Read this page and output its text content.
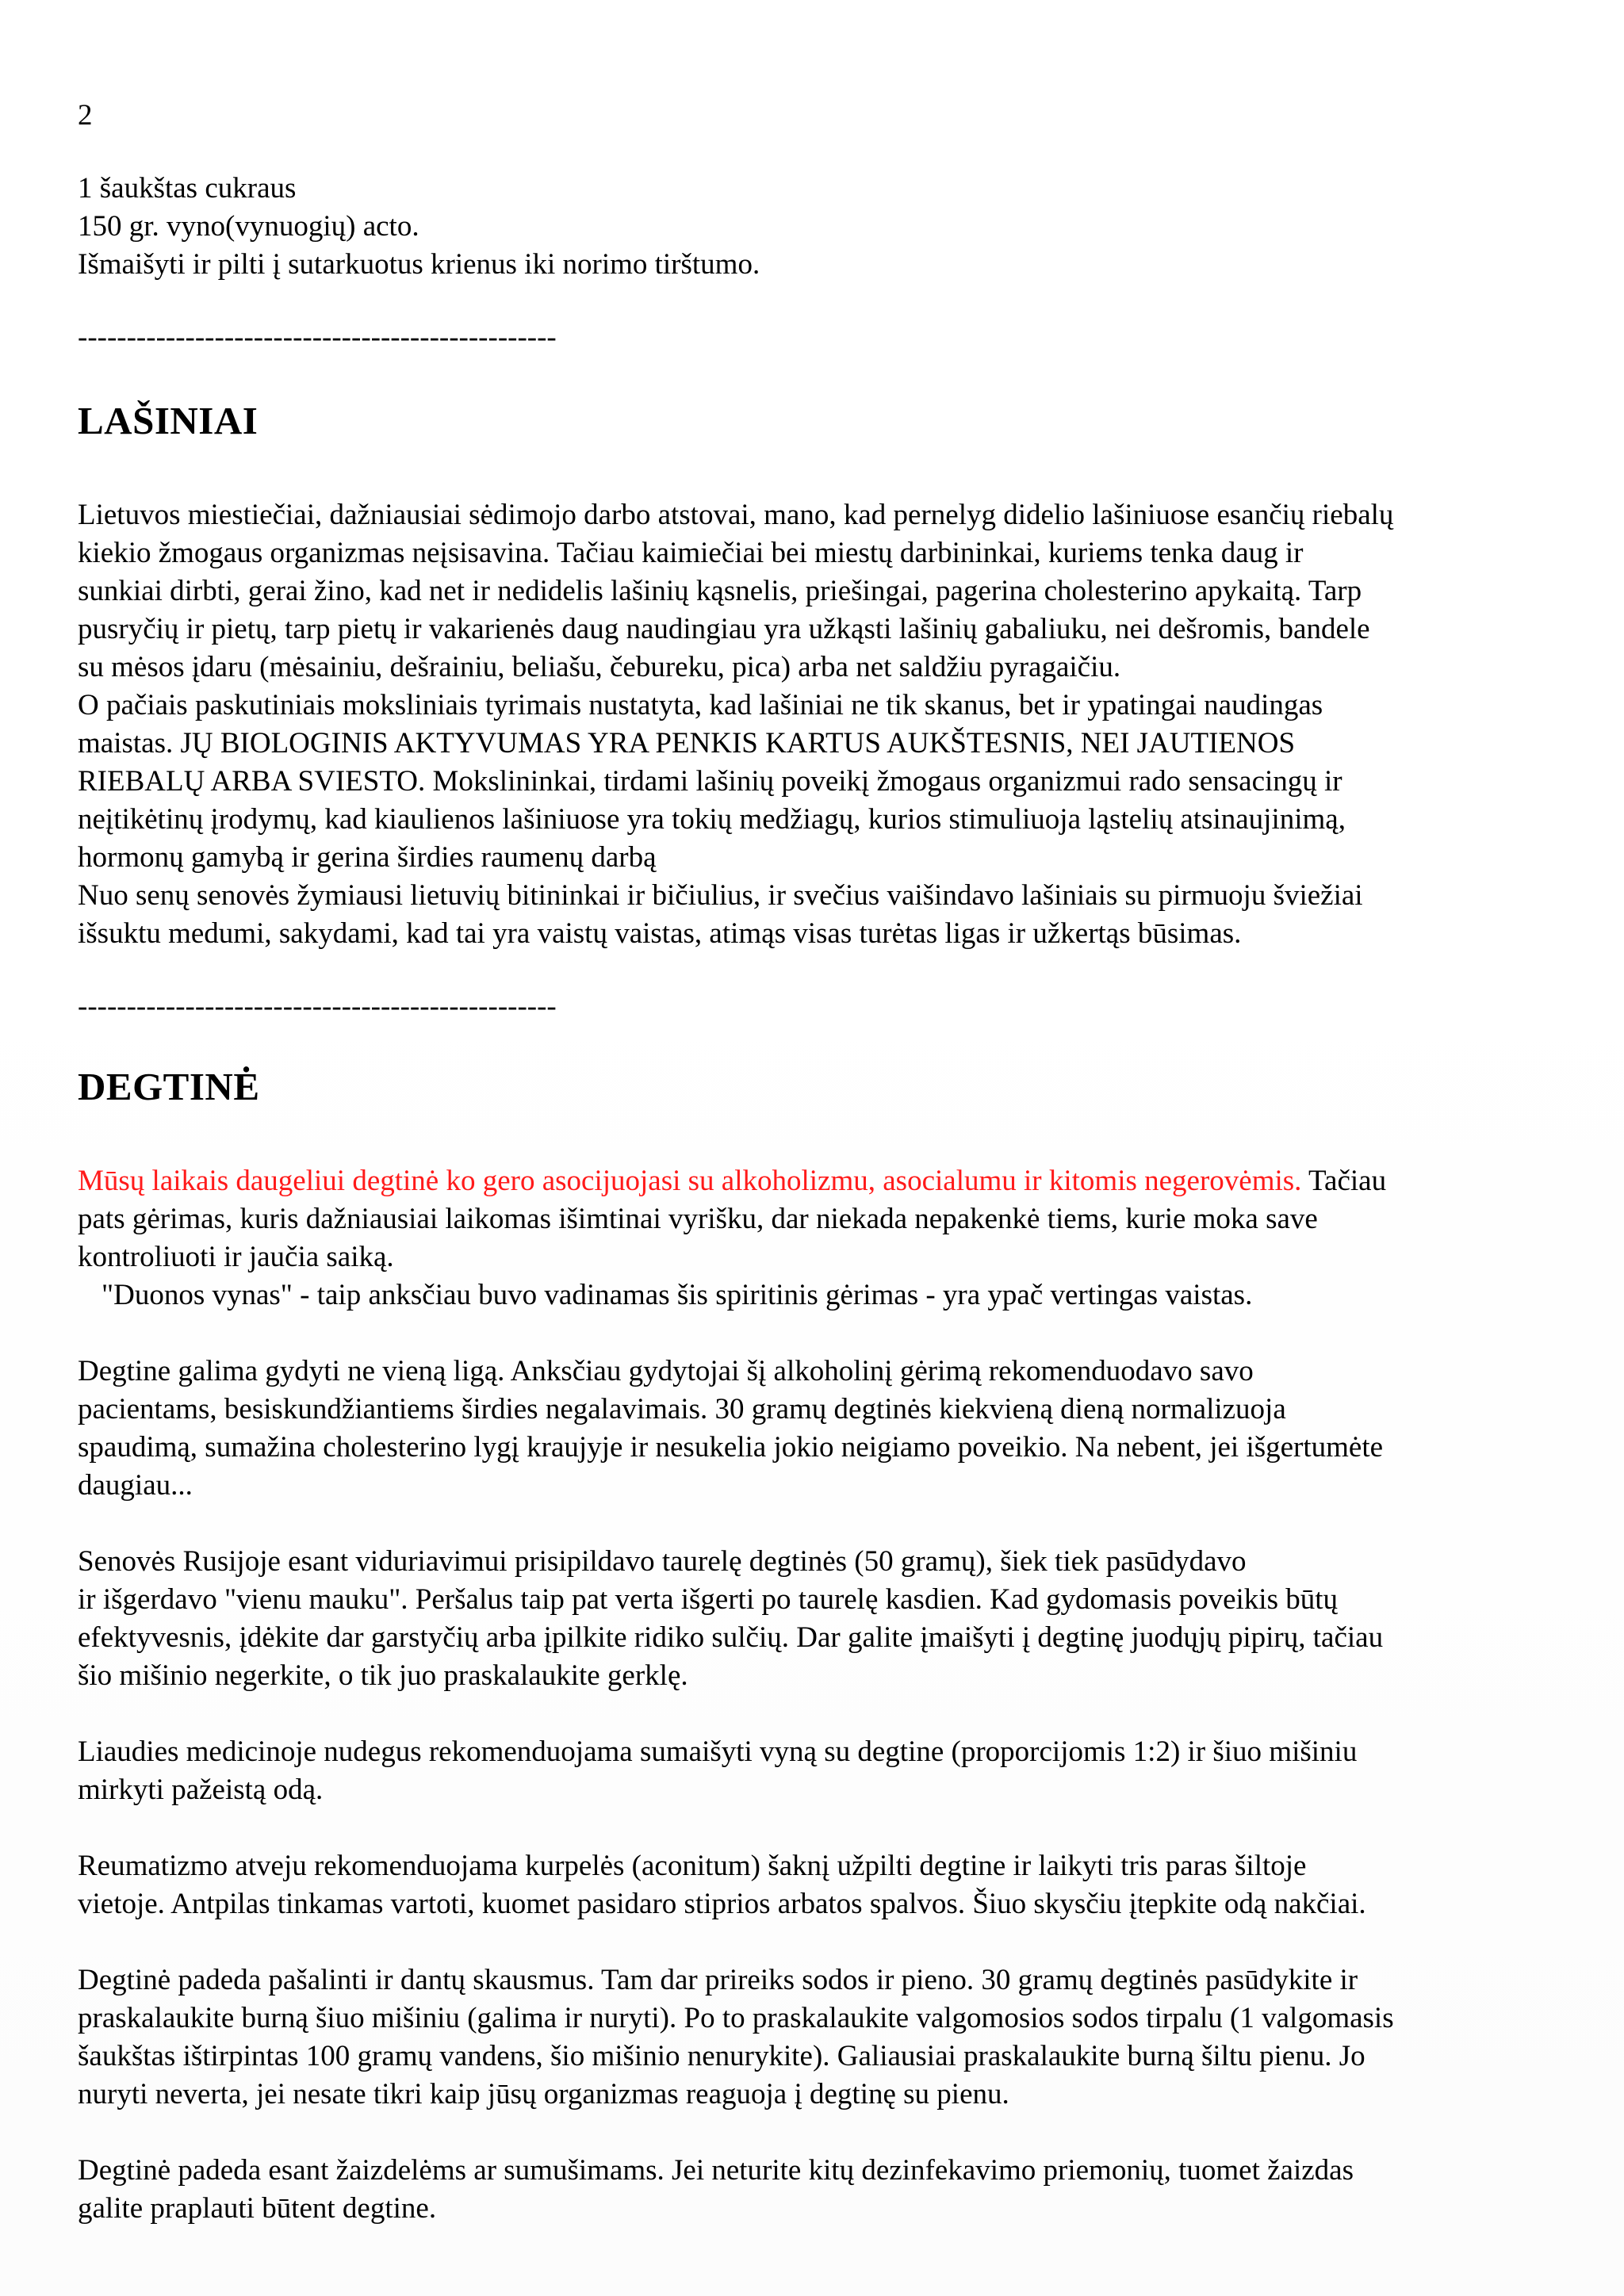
2

1 šaukštas cukraus

150 gr. vyno(vynuogių) acto.

Išmaišyti ir pilti į sutarkuotus krienus iki norimo tirštumo.

-------------------------------------------------

LAŠINIAI

Lietuvos miestiečiai, dažniausiai sėdimojo darbo atstovai, mano, kad pernelyg didelio lašiniuose esančių riebalų

kiekio žmogaus organizmas neįsisavina. Tačiau kaimiečiai bei miestų darbininkai, kuriems tenka daug ir

sunkiai dirbti, gerai žino, kad net ir nedidelis lašinių kąsnelis, priešingai, pagerina cholesterino apykaitą. Tarp

pusryčių ir pietų, tarp pietų ir vakarienės daug naudingiau yra užkąsti lašinių gabaliuku, nei dešromis, bandele

su mėsos įdaru (mėsainiu, dešrainiu, beliašu, čebureku, pica) arba net saldžiu pyragaičiu.

O pačiais paskutiniais moksliniais tyrimais nustatyta, kad lašiniai ne tik skanus, bet ir ypatingai naudingas

maistas. JŲ BIOLOGINIS AKTYVUMAS YRA PENKIS KARTUS AUKŠTESNIS, NEI JAUTIENOS

RIEBALŲ ARBA SVIESTO. Mokslininkai, tirdami lašinių poveikį žmogaus organizmui rado sensacingų ir

neįtikėtinų įrodymų, kad kiaulienos lašiniuose yra tokių medžiagų, kurios stimuliuoja ląstelių atsinaujinimą,

hormonų gamybą ir gerina širdies raumenų darbą

Nuo senų senovės žymiausi lietuvių bitininkai ir bičiulius, ir svečius vaišindavo lašiniais su pirmuoju šviežiai

išsuktu medumi, sakydami, kad tai yra vaistų vaistas, atimąs visas turėtas ligas ir užkertąs būsimas.

-------------------------------------------------

DEGTINĖ

Mūsų laikais daugeliui degtinė ko gero asocijuojasi su alkoholizmu, asocialumu ir kitomis negerovėmis. Tačiau

pats gėrimas, kuris dažniausiai laikomas išimtinai vyrišku, dar niekada nepakenkė tiems, kurie moka save

kontroliuoti ir jaučia saiką.

"Duonos vynas" - taip anksčiau buvo vadinamas šis spiritinis gėrimas - yra ypač vertingas vaistas.

Degtine galima gydyti ne vieną ligą. Anksčiau gydytojai šį alkoholinį gėrimą rekomenduodavo savo

pacientams, besiskundžiantiems širdies negalavimais. 30 gramų degtinės kiekvieną dieną normalizuoja

spaudimą, sumažina cholesterino lygį kraujyje ir nesukelia jokio neigiamo poveikio. Na nebent, jei išgertumėte

daugiau...

Senovės Rusijoje esant viduriavimui prisipildavo taurelę degtinės (50 gramų), šiek tiek pasūdydavo

ir išgerdavo "vienu mauku". Peršalus taip pat verta išgerti po taurelę kasdien. Kad gydomasis poveikis būtų

efektyvesnis, įdėkite dar garstyčių arba įpilkite ridiko sulčių. Dar galite įmaišyti į degtinę juodųjų pipirų, tačiau

šio mišinio negerkite, o tik juo praskalaukite gerklę.

Liaudies medicinoje nudegus rekomenduojama sumaišyti vyną su degtine (proporcijomis 1:2) ir šiuo mišiniu

mirkyti pažeistą odą.

Reumatizmo atveju rekomenduojama kurpelės (aconitum) šaknį užpilti degtine ir laikyti tris paras šiltoje

vietoje. Antpilas tinkamas vartoti, kuomet pasidaro stiprios arbatos spalvos. Šiuo skysčiu įtepkite odą nakčiai.

Degtinė padeda pašalinti ir dantų skausmus. Tam dar prireiks sodos ir pieno. 30 gramų degtinės pasūdykite ir

praskalaukite burną šiuo mišiniu (galima ir nuryti). Po to praskalaukite valgomosios sodos tirpalu (1 valgomasis

šaukštas ištirpintas 100 gramų vandens, šio mišinio nenurykite). Galiausiai praskalaukite burną šiltu pienu. Jo

nuryti neverta, jei nesate tikri kaip jūsų organizmas reaguoja į degtinę su pienu.

Degtinė padeda esant žaizdelėms ar sumušimams. Jei neturite kitų dezinfekavimo priemonių, tuomet žaizdas

galite praplauti būtent degtine.
